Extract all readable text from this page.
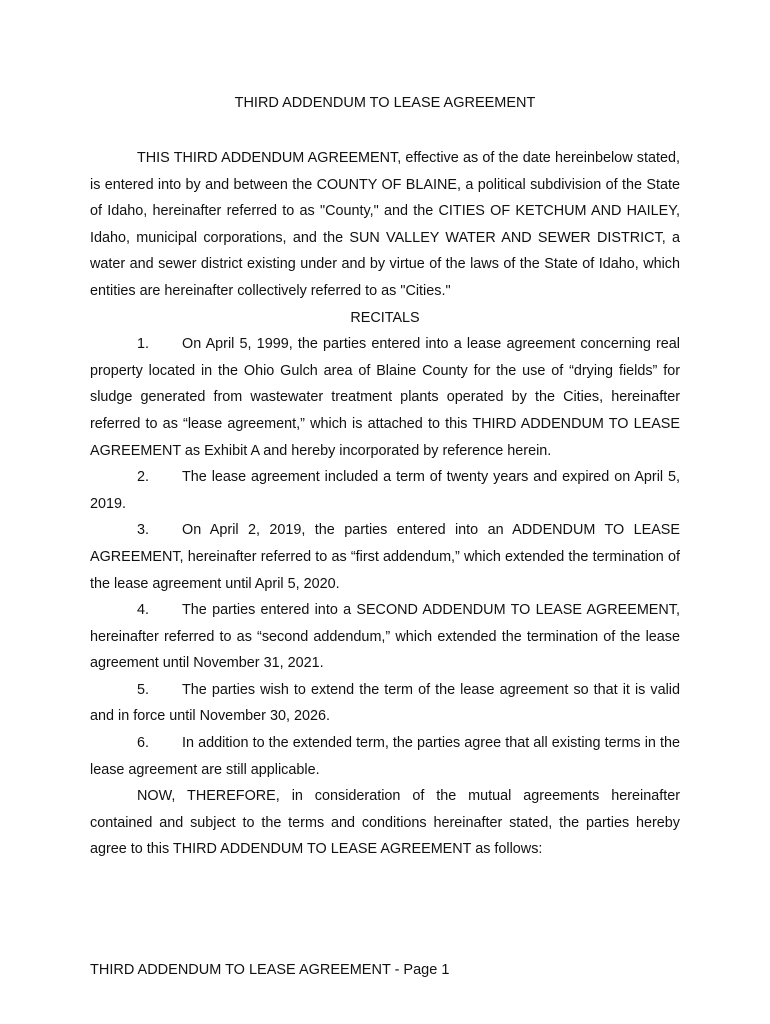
THIRD ADDENDUM TO LEASE AGREEMENT

THIS THIRD ADDENDUM AGREEMENT, effective as of the date hereinbelow stated, is entered into by and between the COUNTY OF BLAINE, a political subdivision of the State of Idaho, hereinafter referred to as "County," and the CITIES OF KETCHUM AND HAILEY, Idaho, municipal corporations, and the SUN VALLEY WATER AND SEWER DISTRICT, a water and sewer district existing under and by virtue of the laws of the State of Idaho, which entities are hereinafter collectively referred to as "Cities."

RECITALS

1. On April 5, 1999, the parties entered into a lease agreement concerning real property located in the Ohio Gulch area of Blaine County for the use of “drying fields” for sludge generated from wastewater treatment plants operated by the Cities, hereinafter referred to as “lease agreement,” which is attached to this THIRD ADDENDUM TO LEASE AGREEMENT as Exhibit A and hereby incorporated by reference herein.

2. The lease agreement included a term of twenty years and expired on April 5, 2019.

3. On April 2, 2019, the parties entered into an ADDENDUM TO LEASE AGREEMENT, hereinafter referred to as “first addendum,” which extended the termination of the lease agreement until April 5, 2020.

4. The parties entered into a SECOND ADDENDUM TO LEASE AGREEMENT, hereinafter referred to as “second addendum,” which extended the termination of the lease agreement until November 31, 2021.

5. The parties wish to extend the term of the lease agreement so that it is valid and in force until November 30, 2026.

6. In addition to the extended term, the parties agree that all existing terms in the lease agreement are still applicable.

NOW, THEREFORE, in consideration of the mutual agreements hereinafter contained and subject to the terms and conditions hereinafter stated, the parties hereby agree to this THIRD ADDENDUM TO LEASE AGREEMENT as follows:

THIRD ADDENDUM TO LEASE AGREEMENT - Page 1
